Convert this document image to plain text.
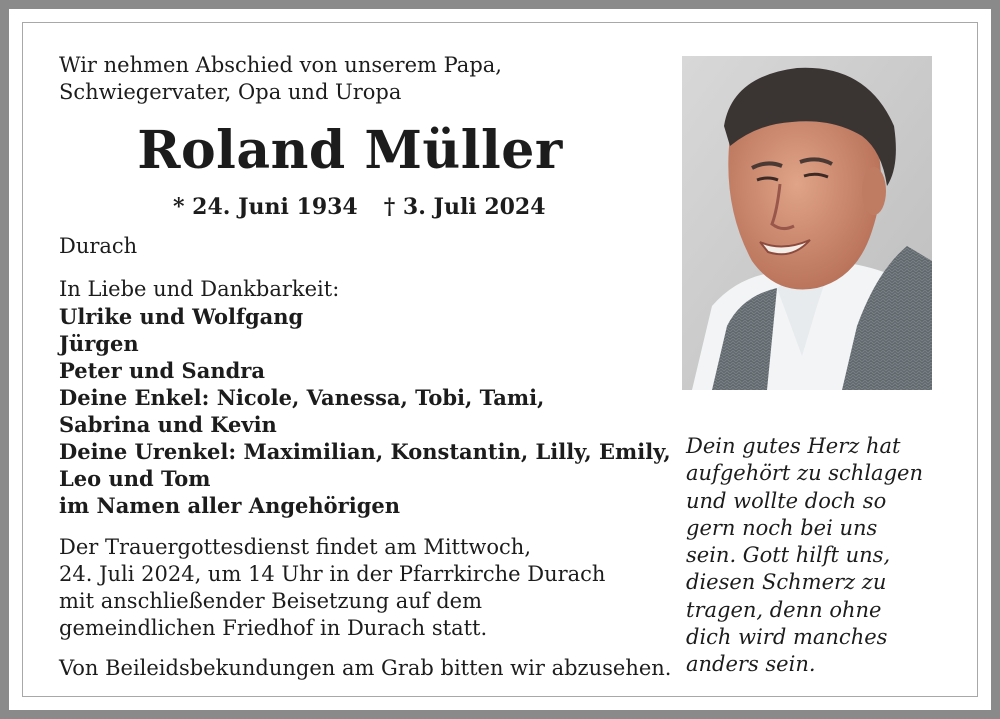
Wir nehmen Abschied von unserem Papa,
Schwiegervater, Opa und Uropa
Roland Müller
* 24. Juni 1934 † 3. Juli 2024
Durach
In Liebe und Dankbarkeit:
Ulrike und Wolfgang
Jürgen
Peter und Sandra
Deine Enkel: Nicole, Vanessa, Tobi, Tami,
Sabrina und Kevin
Deine Urenkel: Maximilian, Konstantin, Lilly, Emily,
Leo und Tom
im Namen aller Angehörigen
Der Trauergottesdienst findet am Mittwoch,
24. Juli 2024, um 14 Uhr in der Pfarrkirche Durach
mit anschließender Beisetzung auf dem
gemeindlichen Friedhof in Durach statt.
Von Beileidsbekundungen am Grab bitten wir abzusehen.
Dein gutes Herz hat
aufgehört zu schlagen
und wollte doch so
gern noch bei uns
sein. Gott hilft uns,
diesen Schmerz zu
tragen, denn ohne
dich wird manches
anders sein.
